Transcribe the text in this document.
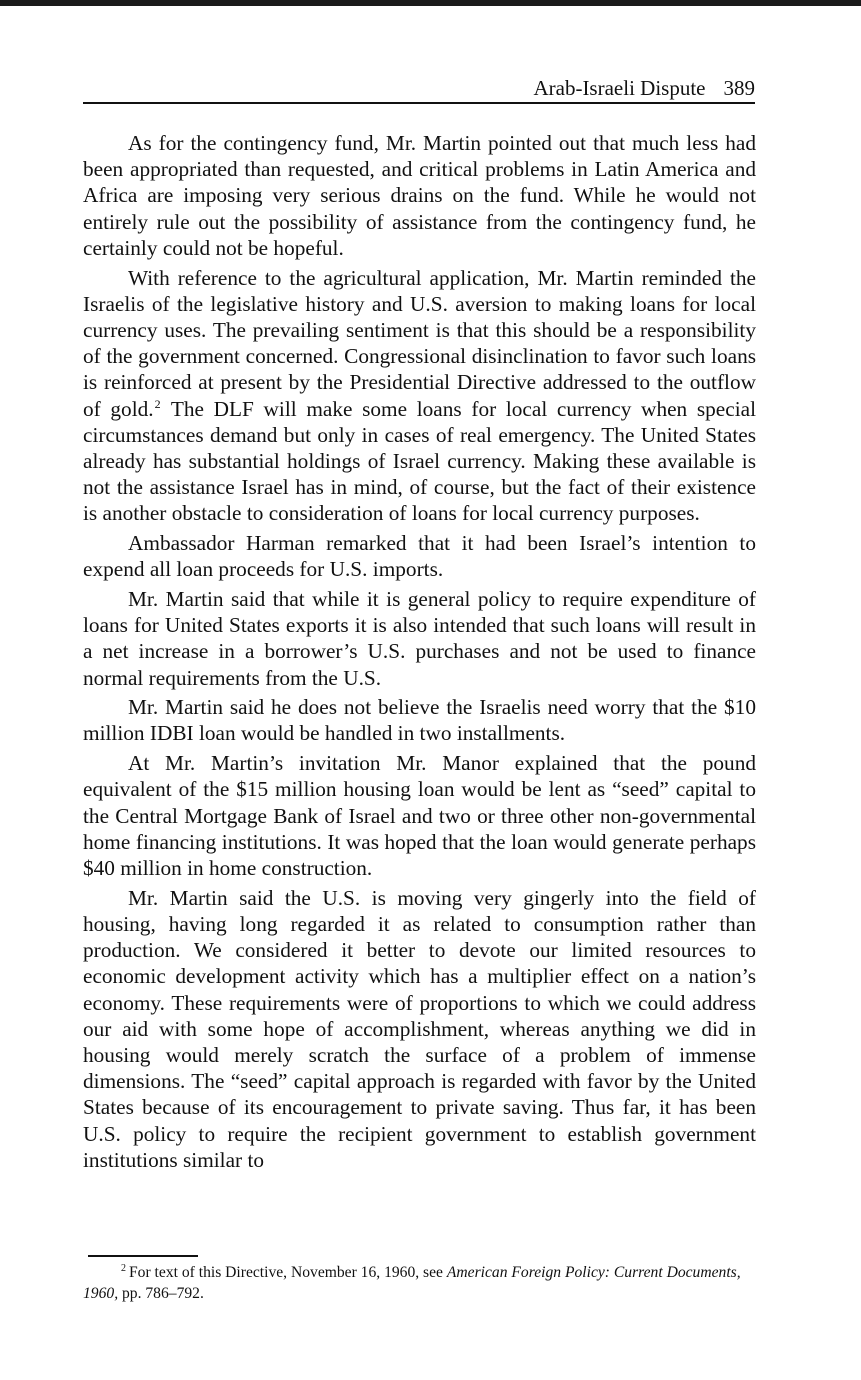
Arab-Israeli Dispute 389

As for the contingency fund, Mr. Martin pointed out that much less had been appropriated than requested, and critical problems in Latin America and Africa are imposing very serious drains on the fund. While he would not entirely rule out the possibility of assistance from the contingency fund, he certainly could not be hopeful.

With reference to the agricultural application, Mr. Martin reminded the Israelis of the legislative history and U.S. aversion to making loans for local currency uses. The prevailing sentiment is that this should be a responsibility of the government concerned. Congressional disinclination to favor such loans is reinforced at present by the Presidential Directive addressed to the outflow of gold.$^2$ The DLF will make some loans for local currency when special circumstances demand but only in cases of real emergency. The United States already has substantial holdings of Israel currency. Making these available is not the assistance Israel has in mind, of course, but the fact of their existence is another obstacle to consideration of loans for local currency purposes.

Ambassador Harman remarked that it had been Israel’s intention to expend all loan proceeds for U.S. imports.

Mr. Martin said that while it is general policy to require expenditure of loans for United States exports it is also intended that such loans will result in a net increase in a borrower’s U.S. purchases and not be used to finance normal requirements from the U.S.

Mr. Martin said he does not believe the Israelis need worry that the $10 million IDBI loan would be handled in two installments.

At Mr. Martin’s invitation Mr. Manor explained that the pound equivalent of the $15 million housing loan would be lent as “seed” capital to the Central Mortgage Bank of Israel and two or three other non-governmental home financing institutions. It was hoped that the loan would generate perhaps $40 million in home construction.

Mr. Martin said the U.S. is moving very gingerly into the field of housing, having long regarded it as related to consumption rather than production. We considered it better to devote our limited resources to economic development activity which has a multiplier effect on a nation’s economy. These requirements were of proportions to which we could address our aid with some hope of accomplishment, whereas anything we did in housing would merely scratch the surface of a problem of immense dimensions. The “seed” capital approach is regarded with favor by the United States because of its encouragement to private saving. Thus far, it has been U.S. policy to require the recipient government to establish government institutions similar to

$^2$ For text of this Directive, November 16, 1960, see American Foreign Policy: Current Documents, 1960, pp. 786–792.
